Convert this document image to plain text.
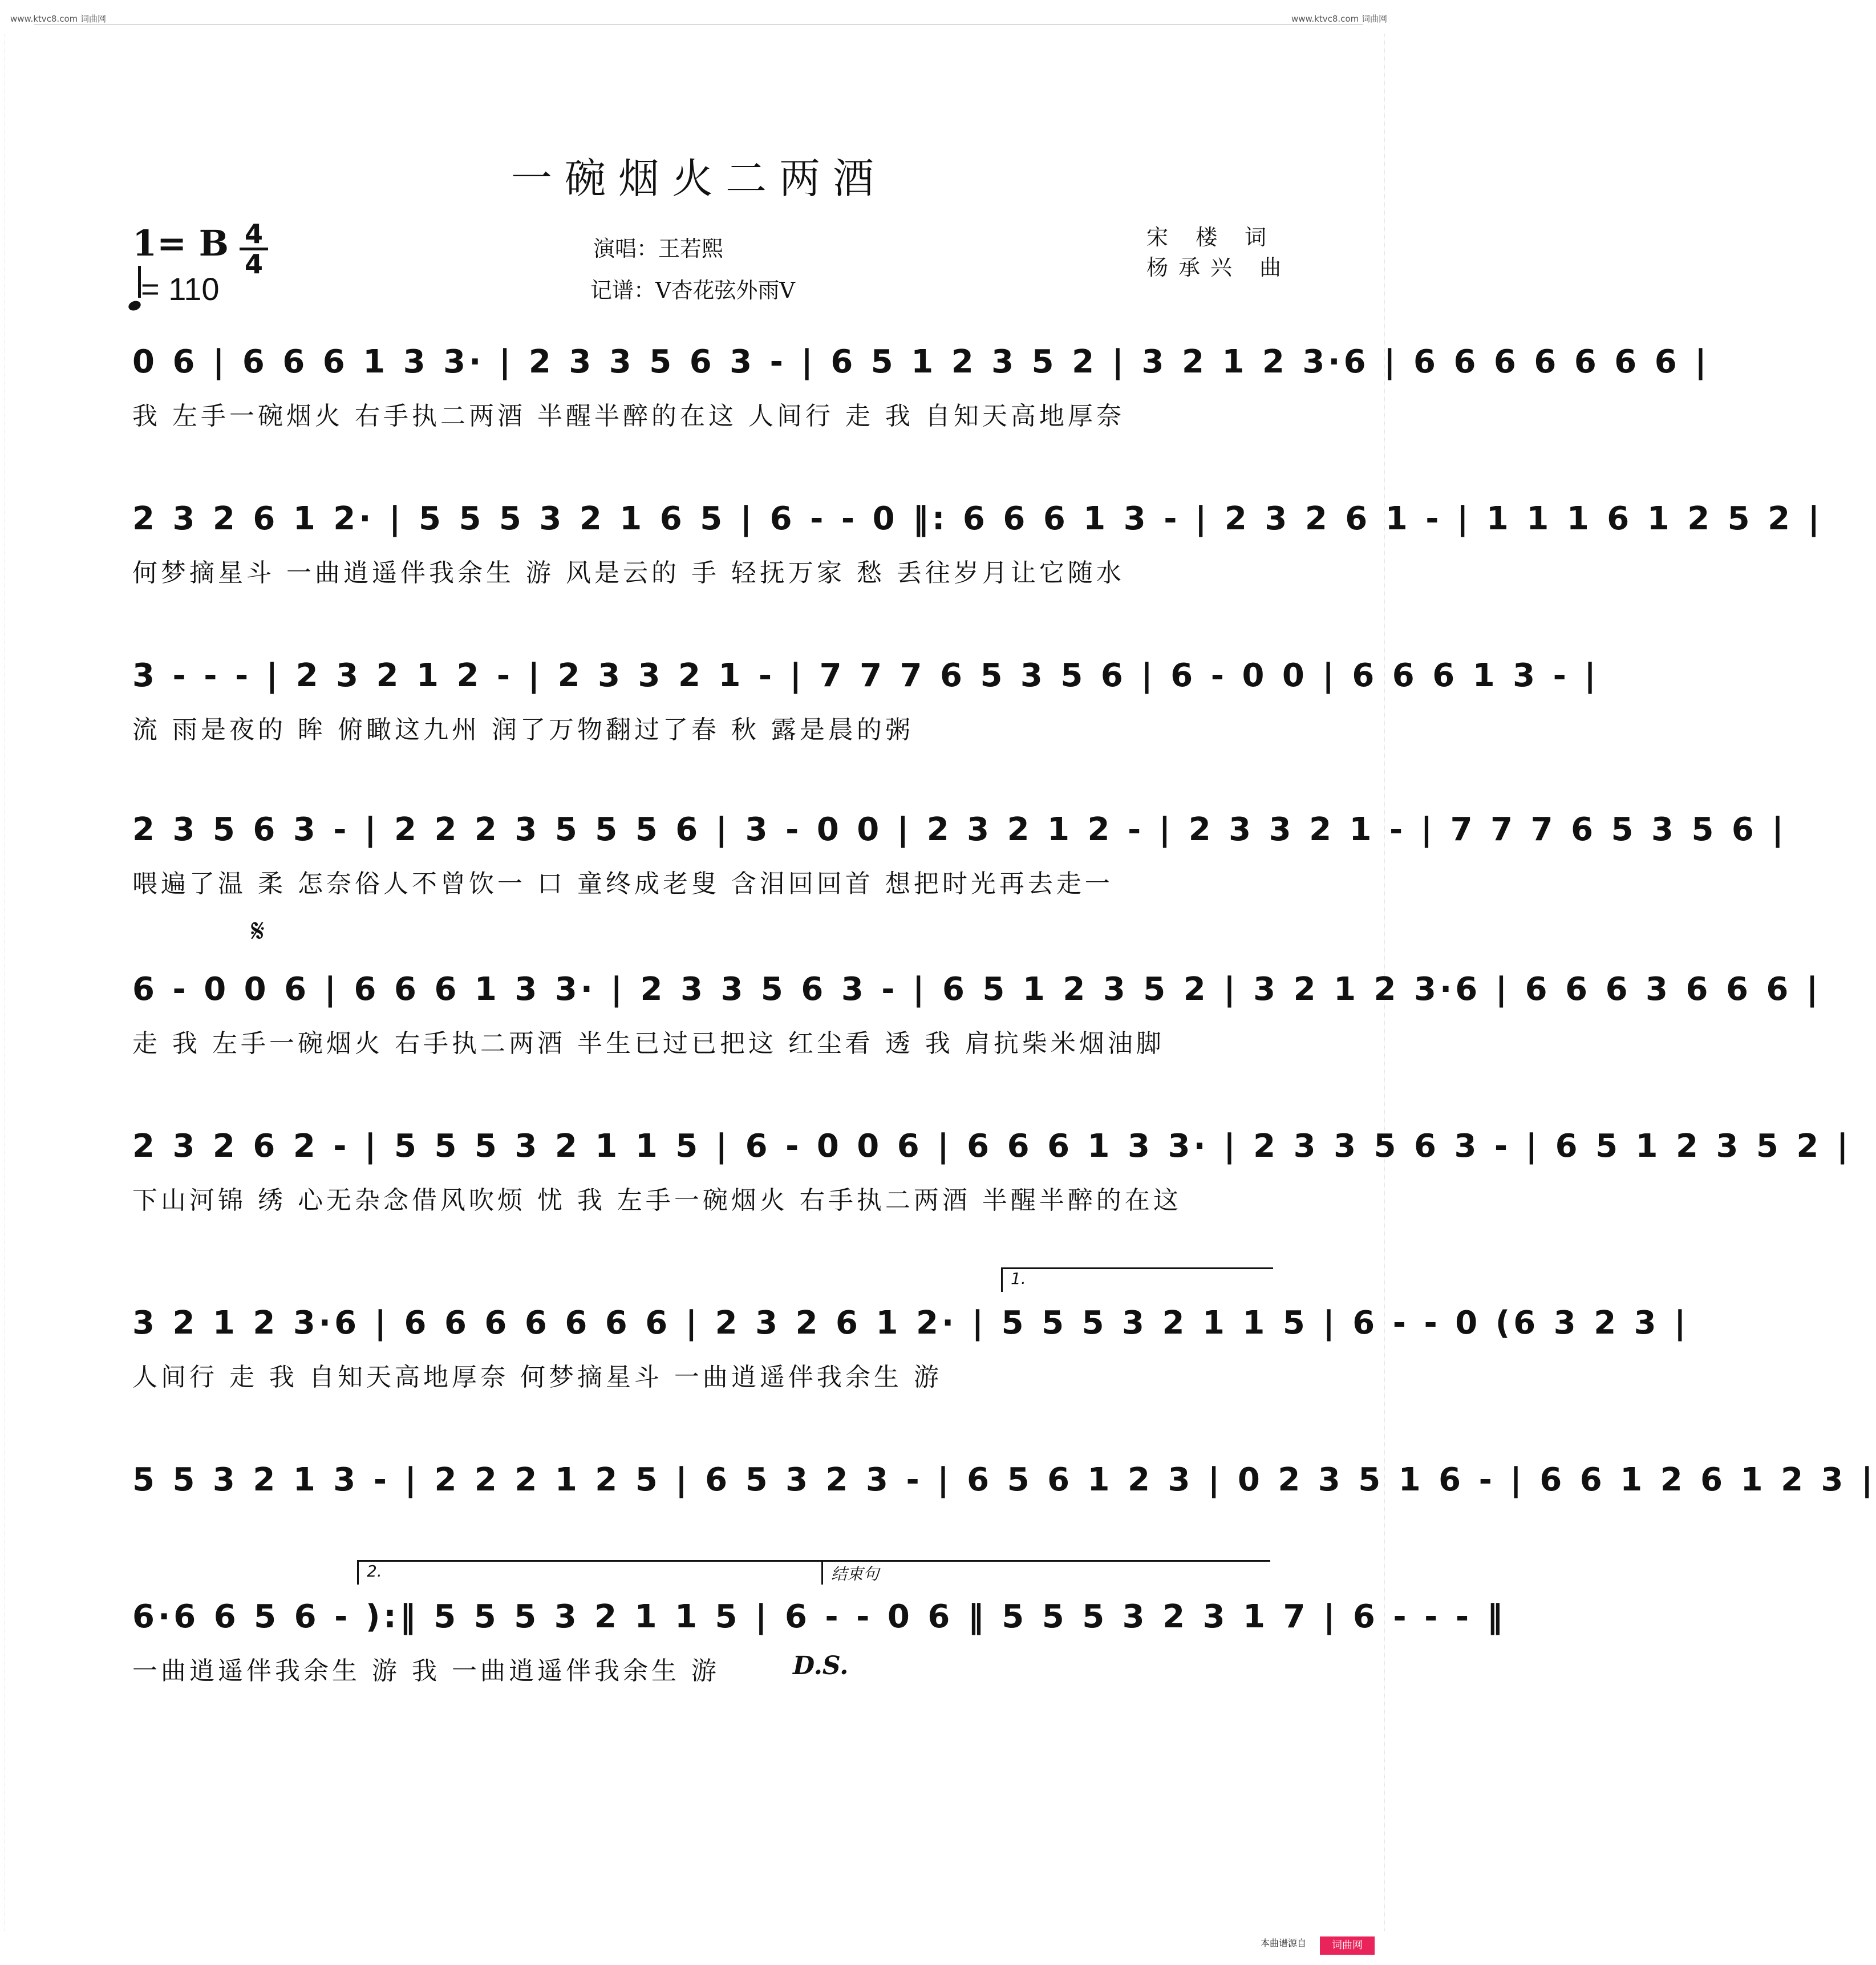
www.ktvc8.com 词曲网	www.ktvc8.com 词曲网
一碗烟火二两酒
1= B 4
4
= 110
演唱：王若熙
记谱：V杏花弦外雨V
宋 楼 词
杨承兴 曲
0 6 | 6 6 6 1 3 3· | 2 3 3 5 6 3 - | 6 5 1 2 3 5 2 | 3 2 1 2 3·6 | 6 6 6 6 6 6 6 |
我 左手一碗烟火 右手执二两酒 半醒半醉的在这 人间行 走 我 自知天高地厚奈
2 3 2 6 1 2· | 5 5 5 3 2 1 6 5 | 6 - - 0 ‖: 6 6 6 1 3 - | 2 3 2 6 1 - | 1 1 1 6 1 2 5 2 |
何梦摘星斗 一曲逍遥伴我余生 游 风是云的 手 轻抚万家 愁 丢往岁月让它随水
3 - - - | 2 3 2 1 2 - | 2 3 3 2 1 - | 7 7 7 6 5 3 5 6 | 6 - 0 0 | 6 6 6 1 3 - |
流 雨是夜的 眸 俯瞰这九州 润了万物翻过了春 秋 露是晨的粥
2 3 5 6 3 - | 2 2 2 3 5 5 5 6 | 3 - 0 0 | 2 3 2 1 2 - | 2 3 3 2 1 - | 7 7 7 6 5 3 5 6 |
喂遍了温 柔 怎奈俗人不曾饮一 口 童终成老叟 含泪回回首 想把时光再去走一
𝄋
6 - 0 0 6 | 6 6 6 1 3 3· | 2 3 3 5 6 3 - | 6 5 1 2 3 5 2 | 3 2 1 2 3·6 | 6 6 6 3 6 6 6 |
走 我 左手一碗烟火 右手执二两酒 半生已过已把这 红尘看 透 我 肩抗柴米烟油脚
2 3 2 6 2 - | 5 5 5 3 2 1 1 5 | 6 - 0 0 6 | 6 6 6 1 3 3· | 2 3 3 5 6 3 - | 6 5 1 2 3 5 2 |
下山河锦 绣 心无杂念借风吹烦 忧 我 左手一碗烟火 右手执二两酒 半醒半醉的在这
1.
3 2 1 2 3·6 | 6 6 6 6 6 6 6 | 2 3 2 6 1 2· | 5 5 5 3 2 1 1 5 | 6 - - 0 (6 3 2 3 |
人间行 走 我 自知天高地厚奈 何梦摘星斗 一曲逍遥伴我余生 游
5 5 3 2 1 3 - | 2 2 2 1 2 5 | 6 5 3 2 3 - | 6 5 6 1 2 3 | 0 2 3 5 1 6 - | 6 6 1 2 6 1 2 3 |
2.	结束句
6·6 6 5 6 - ):‖ 5 5 5 3 2 1 1 5 | 6 - - 0 6 ‖ 5 5 5 3 2 3 1 7 | 6 - - - ‖
一曲逍遥伴我余生 游 我 一曲逍遥伴我余生 游	D.S.
本曲谱源自	词曲网
